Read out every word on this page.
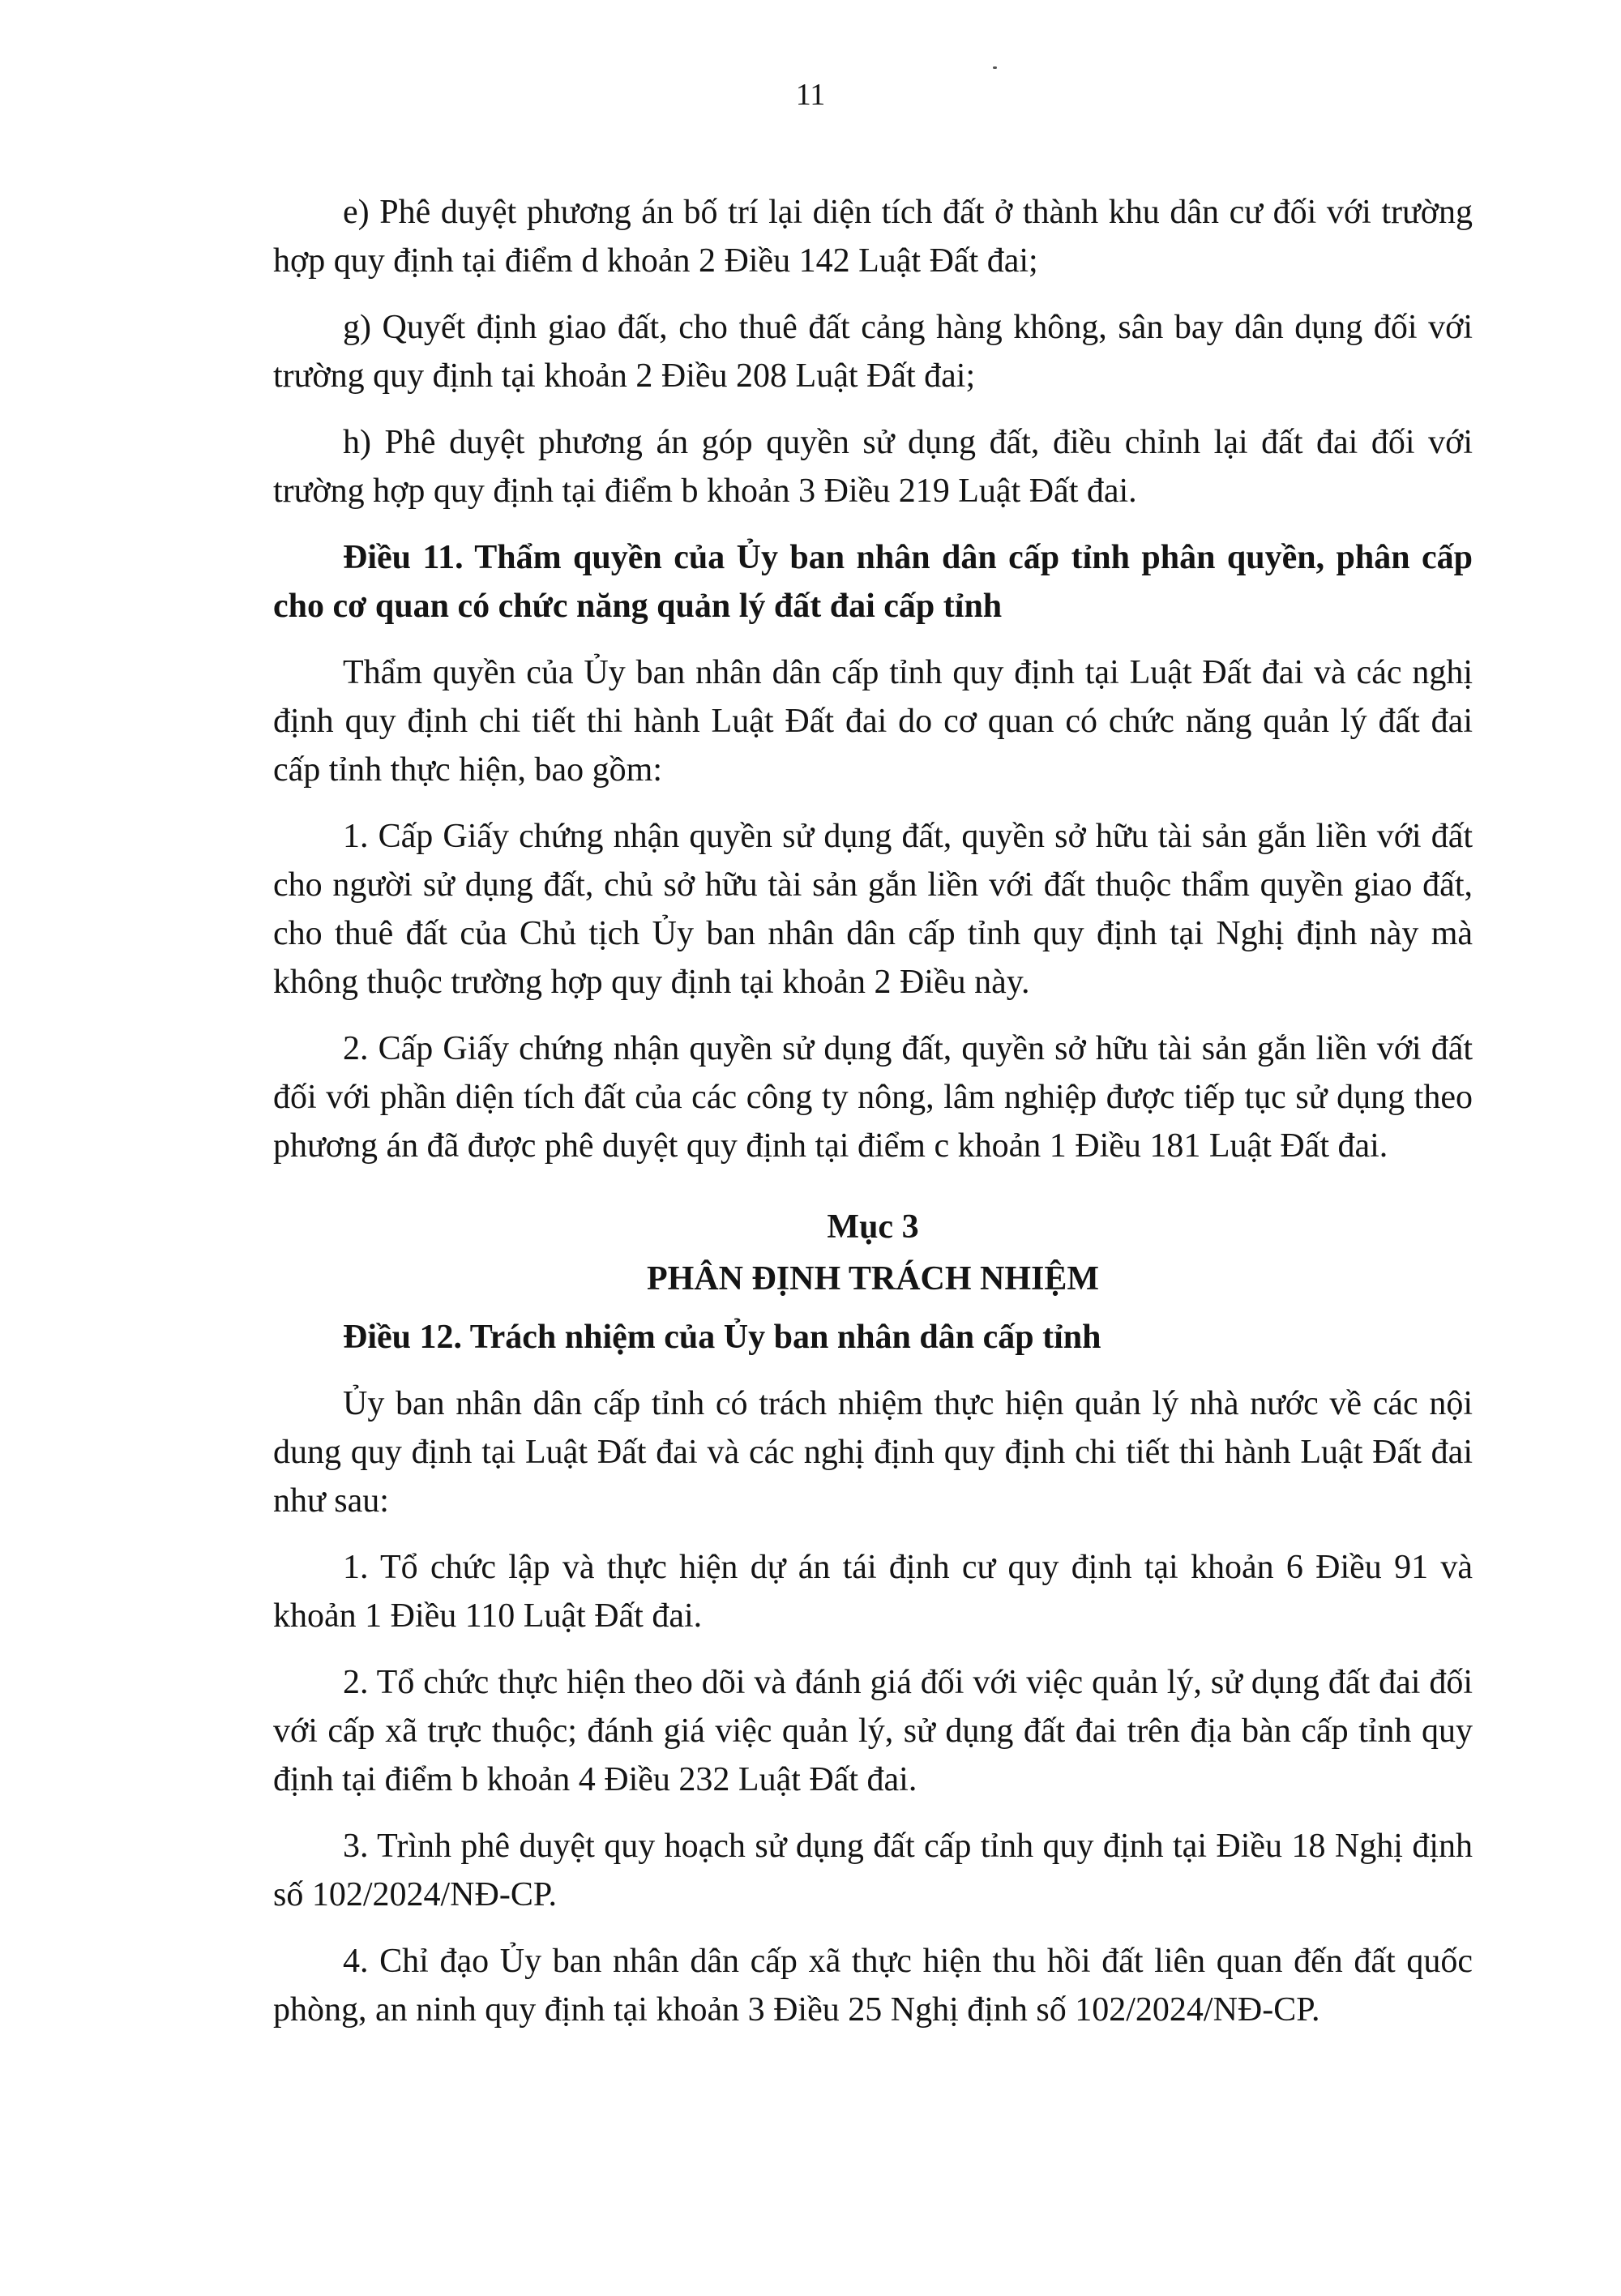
11

e) Phê duyệt phương án bố trí lại diện tích đất ở thành khu dân cư đối với trường hợp quy định tại điểm d khoản 2 Điều 142 Luật Đất đai;

g) Quyết định giao đất, cho thuê đất cảng hàng không, sân bay dân dụng đối với trường quy định tại khoản 2 Điều 208 Luật Đất đai;

h) Phê duyệt phương án góp quyền sử dụng đất, điều chỉnh lại đất đai đối với trường hợp quy định tại điểm b khoản 3 Điều 219 Luật Đất đai.

Điều 11. Thẩm quyền của Ủy ban nhân dân cấp tỉnh phân quyền, phân cấp cho cơ quan có chức năng quản lý đất đai cấp tỉnh

Thẩm quyền của Ủy ban nhân dân cấp tỉnh quy định tại Luật Đất đai và các nghị định quy định chi tiết thi hành Luật Đất đai do cơ quan có chức năng quản lý đất đai cấp tỉnh thực hiện, bao gồm:

1. Cấp Giấy chứng nhận quyền sử dụng đất, quyền sở hữu tài sản gắn liền với đất cho người sử dụng đất, chủ sở hữu tài sản gắn liền với đất thuộc thẩm quyền giao đất, cho thuê đất của Chủ tịch Ủy ban nhân dân cấp tỉnh quy định tại Nghị định này mà không thuộc trường hợp quy định tại khoản 2 Điều này.

2. Cấp Giấy chứng nhận quyền sử dụng đất, quyền sở hữu tài sản gắn liền với đất đối với phần diện tích đất của các công ty nông, lâm nghiệp được tiếp tục sử dụng theo phương án đã được phê duyệt quy định tại điểm c khoản 1 Điều 181 Luật Đất đai.

Mục 3

PHÂN ĐỊNH TRÁCH NHIỆM

Điều 12. Trách nhiệm của Ủy ban nhân dân cấp tỉnh

Ủy ban nhân dân cấp tỉnh có trách nhiệm thực hiện quản lý nhà nước về các nội dung quy định tại Luật Đất đai và các nghị định quy định chi tiết thi hành Luật Đất đai như sau:

1. Tổ chức lập và thực hiện dự án tái định cư quy định tại khoản 6 Điều 91 và khoản 1 Điều 110 Luật Đất đai.

2. Tổ chức thực hiện theo dõi và đánh giá đối với việc quản lý, sử dụng đất đai đối với cấp xã trực thuộc; đánh giá việc quản lý, sử dụng đất đai trên địa bàn cấp tỉnh quy định tại điểm b khoản 4 Điều 232 Luật Đất đai.

3. Trình phê duyệt quy hoạch sử dụng đất cấp tỉnh quy định tại Điều 18 Nghị định số 102/2024/NĐ-CP.

4. Chỉ đạo Ủy ban nhân dân cấp xã thực hiện thu hồi đất liên quan đến đất quốc phòng, an ninh quy định tại khoản 3 Điều 25 Nghị định số 102/2024/NĐ-CP.
